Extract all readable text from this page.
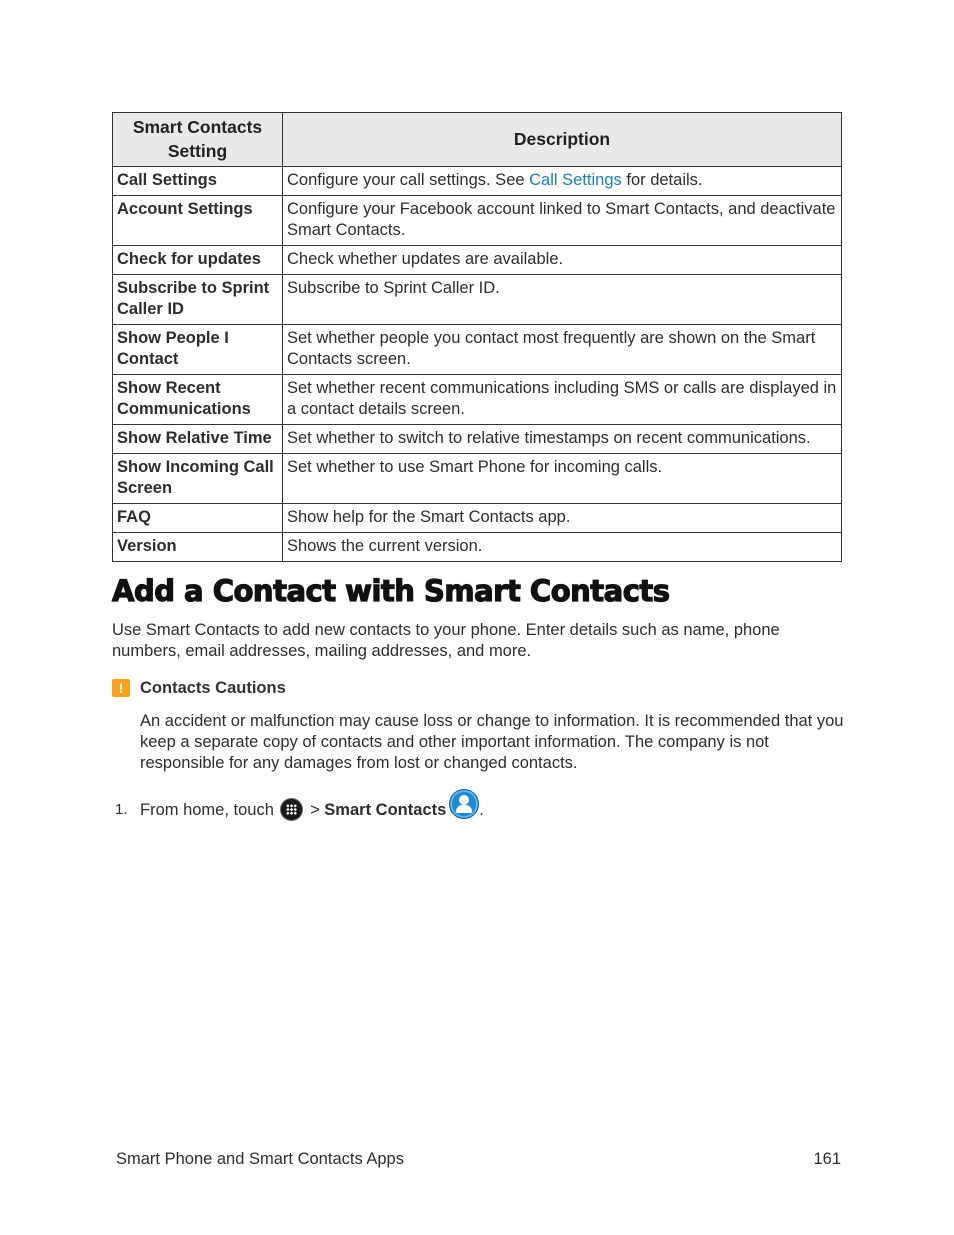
Smart Contacts Setting	Description
Call Settings	Configure your call settings. See Call Settings for details.
Account Settings	Configure your Facebook account linked to Smart Contacts, and deactivate Smart Contacts.
Check for updates	Check whether updates are available.
Subscribe to Sprint Caller ID	Subscribe to Sprint Caller ID.
Show People I Contact	Set whether people you contact most frequently are shown on the Smart Contacts screen.
Show Recent Communications	Set whether recent communications including SMS or calls are displayed in a contact details screen.
Show Relative Time	Set whether to switch to relative timestamps on recent communications.
Show Incoming Call Screen	Set whether to use Smart Phone for incoming calls.
FAQ	Show help for the Smart Contacts app.
Version	Shows the current version.
Add a Contact with Smart Contacts

Use Smart Contacts to add new contacts to your phone. Enter details such as name, phone numbers, email addresses, mailing addresses, and more.

!	Contacts Cautions

An accident or malfunction may cause loss or change to information. It is recommended that you keep a separate copy of contacts and other important information. The company is not responsible for any damages from lost or changed contacts.

1. From home, touch > Smart Contacts .
Smart Phone and Smart Contacts Apps	161
